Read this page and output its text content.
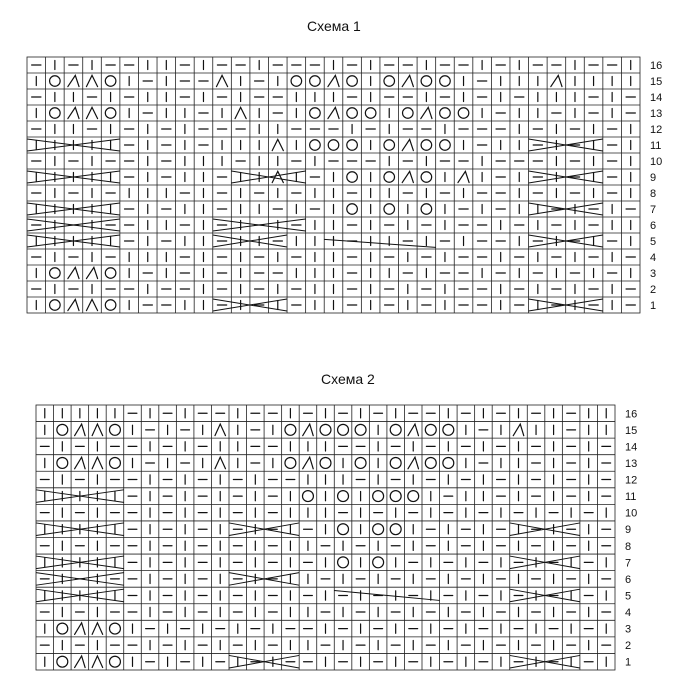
Схема 1
16
15
14
13
12
11
10
9
8
7
6
5
4
3
2
1
Схема 2
16
15
14
13
12
11
10
9
8
7
6
5
4
3
2
1
